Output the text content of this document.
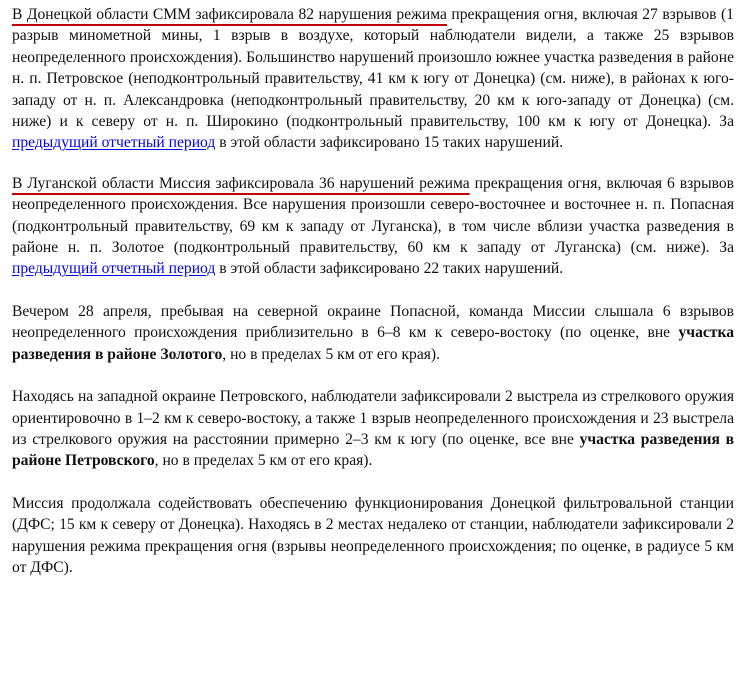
В Донецкой области СММ зафиксировала 82 нарушения режима прекращения огня, включая 27 взрывов (1 разрыв минометной мины, 1 взрыв в воздухе, который наблюдатели видели, а также 25 взрывов неопределенного происхождения). Большинство нарушений произошло южнее участка разведения в районе н. п. Петровское (неподконтрольный правительству, 41 км к югу от Донецка) (см. ниже), в районах к юго-западу от н. п. Александровка (неподконтрольный правительству, 20 км к юго-западу от Донецка) (см. ниже) и к северу от н. п. Широкино (подконтрольный правительству, 100 км к югу от Донецка). За предыдущий отчетный период в этой области зафиксировано 15 таких нарушений.

В Луганской области Миссия зафиксировала 36 нарушений режима прекращения огня, включая 6 взрывов неопределенного происхождения. Все нарушения произошли северо-восточнее и восточнее н. п. Попасная (подконтрольный правительству, 69 км к западу от Луганска), в том числе вблизи участка разведения в районе н. п. Золотое (подконтрольный правительству, 60 км к западу от Луганска) (см. ниже). За предыдущий отчетный период в этой области зафиксировано 22 таких нарушений.

Вечером 28 апреля, пребывая на северной окраине Попасной, команда Миссии слышала 6 взрывов неопределенного происхождения приблизительно в 6–8 км к северо-востоку (по оценке, вне участка разведения в районе Золотого, но в пределах 5 км от его края).

Находясь на западной окраине Петровского, наблюдатели зафиксировали 2 выстрела из стрелкового оружия ориентировочно в 1–2 км к северо-востоку, а также 1 взрыв неопределенного происхождения и 23 выстрела из стрелкового оружия на расстоянии примерно 2–3 км к югу (по оценке, все вне участка разведения в районе Петровского, но в пределах 5 км от его края).

Миссия продолжала содействовать обеспечению функционирования Донецкой фильтровальной станции (ДФС; 15 км к северу от Донецка). Находясь в 2 местах недалеко от станции, наблюдатели зафиксировали 2 нарушения режима прекращения огня (взрывы неопределенного происхождения; по оценке, в радиусе 5 км от ДФС).
